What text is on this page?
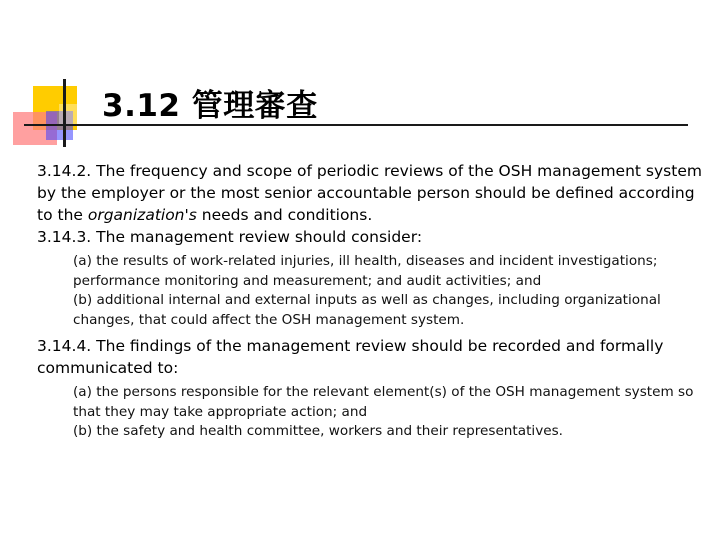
3.12 管理審查

3.14.2. The frequency and scope of periodic reviews of the OSH management system by the employer or the most senior accountable person should be defined according to the organization's needs and conditions.

3.14.3. The management review should consider:

(a) the results of work-related injuries, ill health, diseases and incident investigations; performance monitoring and measurement; and audit activities; and

(b) additional internal and external inputs as well as changes, including organizational changes, that could affect the OSH management system.

3.14.4. The findings of the management review should be recorded and formally communicated to:

(a) the persons responsible for the relevant element(s) of the OSH management system so that they may take appropriate action; and

(b) the safety and health committee, workers and their representatives.
